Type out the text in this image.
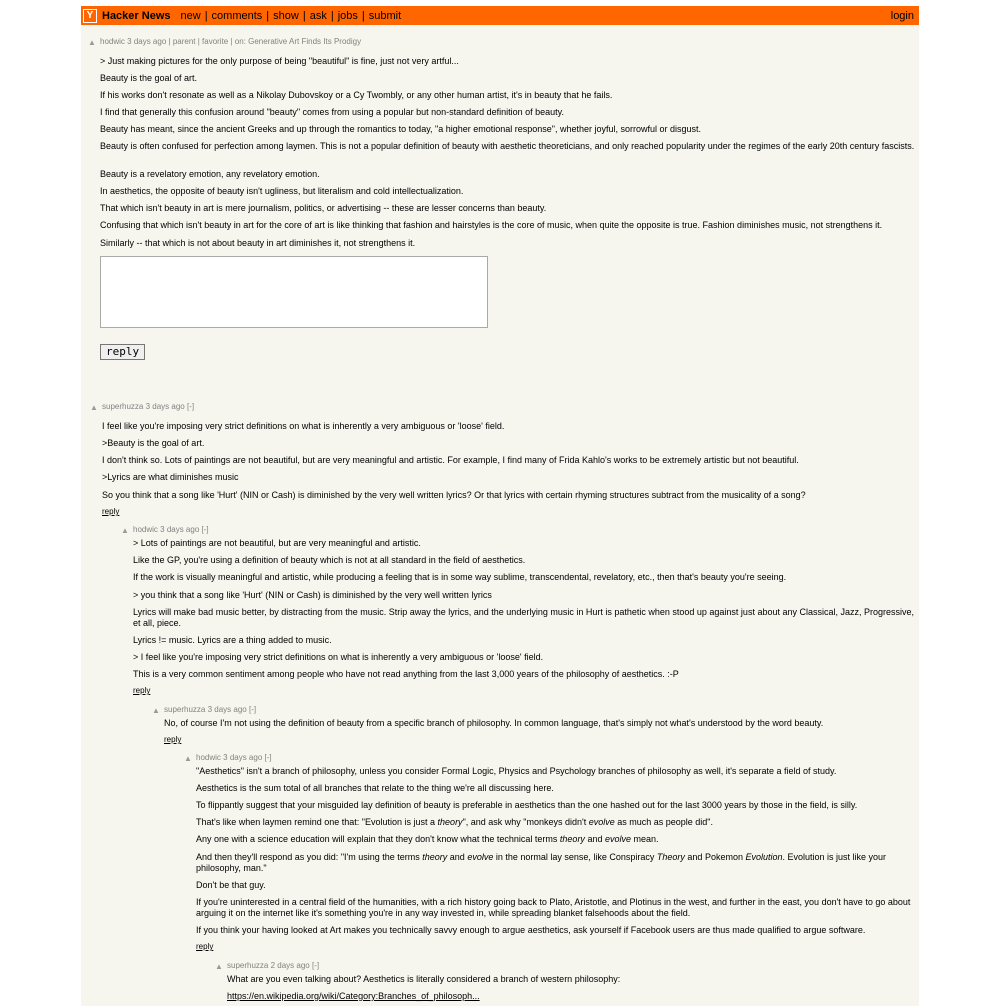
Y Hacker News new | comments | show | ask | jobs | submit	login
▲ hodwic 3 days ago | parent | favorite | on: Generative Art Finds Its Prodigy

> Just making pictures for the only purpose of being "beautiful" is fine, just not very artful...

Beauty is the goal of art.

If his works don't resonate as well as a Nikolay Dubovskoy or a Cy Twombly, or any other human artist, it's in beauty that he fails.

I find that generally this confusion around "beauty" comes from using a popular but non-standard definition of beauty.

Beauty has meant, since the ancient Greeks and up through the romantics to today, "a higher emotional response", whether joyful, sorrowful or disgust.

Beauty is often confused for perfection among laymen. This is not a popular definition of beauty with aesthetic theoreticians, and only reached popularity under the regimes of the early 20th century fascists.

Beauty is a revelatory emotion, any revelatory emotion.

In aesthetics, the opposite of beauty isn't ugliness, but literalism and cold intellectualization.

That which isn't beauty in art is mere journalism, politics, or advertising -- these are lesser concerns than beauty.

Confusing that which isn't beauty in art for the core of art is like thinking that fashion and hairstyles is the core of music, when quite the opposite is true. Fashion diminishes music, not strengthens it.

Similarly -- that which is not about beauty in art diminishes it, not strengthens it.

reply
▲ superhuzza 3 days ago [-]

I feel like you're imposing very strict definitions on what is inherently a very ambiguous or 'loose' field.

>Beauty is the goal of art.

I don't think so. Lots of paintings are not beautiful, but are very meaningful and artistic. For example, I find many of Frida Kahlo's works to be extremely artistic but not beautiful.

>Lyrics are what diminishes music

So you think that a song like 'Hurt' (NIN or Cash) is diminished by the very well written lyrics? Or that lyrics with certain rhyming structures subtract from the musicality of a song?

reply
▲ hodwic 3 days ago [-]

> Lots of paintings are not beautiful, but are very meaningful and artistic.

Like the GP, you're using a definition of beauty which is not at all standard in the field of aesthetics.

If the work is visually meaningful and artistic, while producing a feeling that is in some way sublime, transcendental, revelatory, etc., then that's beauty you're seeing.

> you think that a song like 'Hurt' (NIN or Cash) is diminished by the very well written lyrics

Lyrics will make bad music better, by distracting from the music. Strip away the lyrics, and the underlying music in Hurt is pathetic when stood up against just about any Classical, Jazz, Progressive, et all, piece.

Lyrics != music. Lyrics are a thing added to music.

> I feel like you're imposing very strict definitions on what is inherently a very ambiguous or 'loose' field.

This is a very common sentiment among people who have not read anything from the last 3,000 years of the philosophy of aesthetics. :-P

reply
▲ superhuzza 3 days ago [-]

No, of course I'm not using the definition of beauty from a specific branch of philosophy. In common language, that's simply not what's understood by the word beauty.

reply
▲ hodwic 3 days ago [-]

"Aesthetics" isn't a branch of philosophy, unless you consider Formal Logic, Physics and Psychology branches of philosophy as well, it's separate a field of study.

Aesthetics is the sum total of all branches that relate to the thing we're all discussing here.

To flippantly suggest that your misguided lay definition of beauty is preferable in aesthetics than the one hashed out for the last 3000 years by those in the field, is silly.

That's like when laymen remind one that: "Evolution is just a theory", and ask why "monkeys didn't evolve as much as people did".

Any one with a science education will explain that they don't know what the technical terms theory and evolve mean.

And then they'll respond as you did: "I'm using the terms theory and evolve in the normal lay sense, like Conspiracy Theory and Pokemon Evolution. Evolution is just like your philosophy, man."

Don't be that guy.

If you're uninterested in a central field of the humanities, with a rich history going back to Plato, Aristotle, and Plotinus in the west, and further in the east, you don't have to go about arguing it on the internet like it's something you're in any way invested in, while spreading blanket falsehoods about the field.

If you think your having looked at Art makes you technically savvy enough to argue aesthetics, ask yourself if Facebook users are thus made qualified to argue software.

reply
▲ superhuzza 2 days ago [-]

What are you even talking about? Aesthetics is literally considered a branch of western philosophy:

https://en.wikipedia.org/wiki/Category:Branches_of_philosoph...
